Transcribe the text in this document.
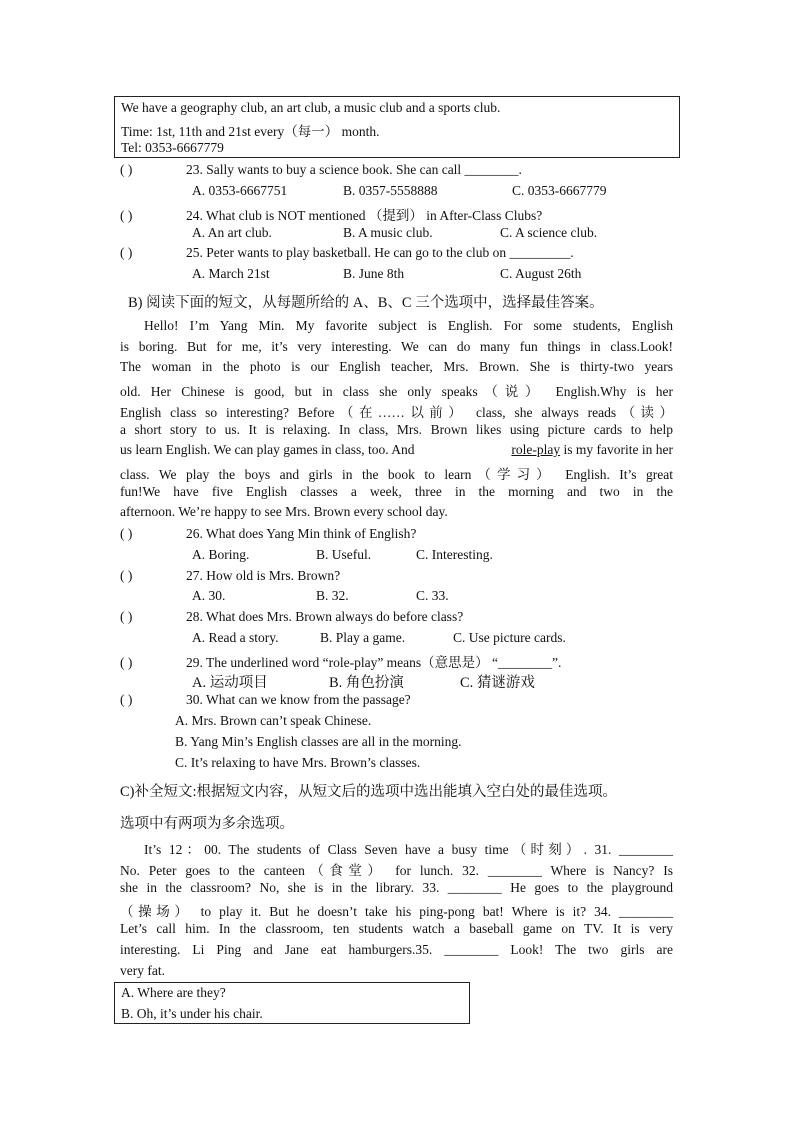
We have a geography club, an art club, a music club and a sports club.
Time: 1st, 11th and 21st every（每一） month.
Tel: 0353-6667779
( )	23. Sally wants to buy a science book. She can call ________.
A. 0353-6667751	B. 0357-5558888	C. 0353-6667779
( )	24. What club is NOT mentioned （提到） in After-Class Clubs?
A. An art club.	B. A music club.	C. A science club.
( )	25. Peter wants to play basketball. He can go to the club on _________.
A. March 21st	B. June 8th	C. August 26th
B) 阅读下面的短文，从每题所给的 A、B、C 三个选项中，选择最佳答案。
Hello! I’m Yang Min. My favorite subject is English. For some students, English
is boring. But for me, it’s very interesting. We can do many fun things in class.Look!
The woman in the photo is our English teacher, Mrs. Brown. She is thirty-two years
old. Her Chinese is good, but in class she only speaks（说） English.Why is her
English class so interesting? Before（在……以前） class, she always reads（读）
a short story to us. It is relaxing. In class, Mrs. Brown likes using picture cards to help
us learn English. We can play games in class, too. And	role-play is my favorite in her
class. We play the boys and girls in the book to learn（学习） English. It’s great
fun!We have five English classes a week, three in the morning and two in the
afternoon. We’re happy to see Mrs. Brown every school day.
( )	26. What does Yang Min think of English?
A. Boring.	B. Useful.	C. Interesting.
( )	27. How old is Mrs. Brown?
A. 30.	B. 32.	C. 33.
( )	28. What does Mrs. Brown always do before class?
A. Read a story.	B. Play a game.	C. Use picture cards.
( )	29. The underlined word “role-play” means（意思是） “________”.
A. 运动项目	B. 角色扮演	C. 猜谜游戏
( )	30. What can we know from the passage?
A. Mrs. Brown can’t speak Chinese.
B. Yang Min’s English classes are all in the morning.
C. It’s relaxing to have Mrs. Brown’s classes.
C)补全短文:根据短文内容，从短文后的选项中选出能填入空白处的最佳选项。
选项中有两项为多余选项。
It’s 12：00. The students of Class Seven have a busy time（时刻）. 31. ________
No. Peter goes to the canteen（食堂） for lunch. 32. ________ Where is Nancy? Is
she in the classroom? No, she is in the library. 33. ________ He goes to the playground
（操场） to play it. But he doesn’t take his ping-pong bat! Where is it? 34. ________
Let’s call him. In the classroom, ten students watch a baseball game on TV. It is very
interesting. Li Ping and Jane eat hamburgers.35. ________ Look! The two girls are
very fat.
A. Where are they?
B. Oh, it’s under his chair.
